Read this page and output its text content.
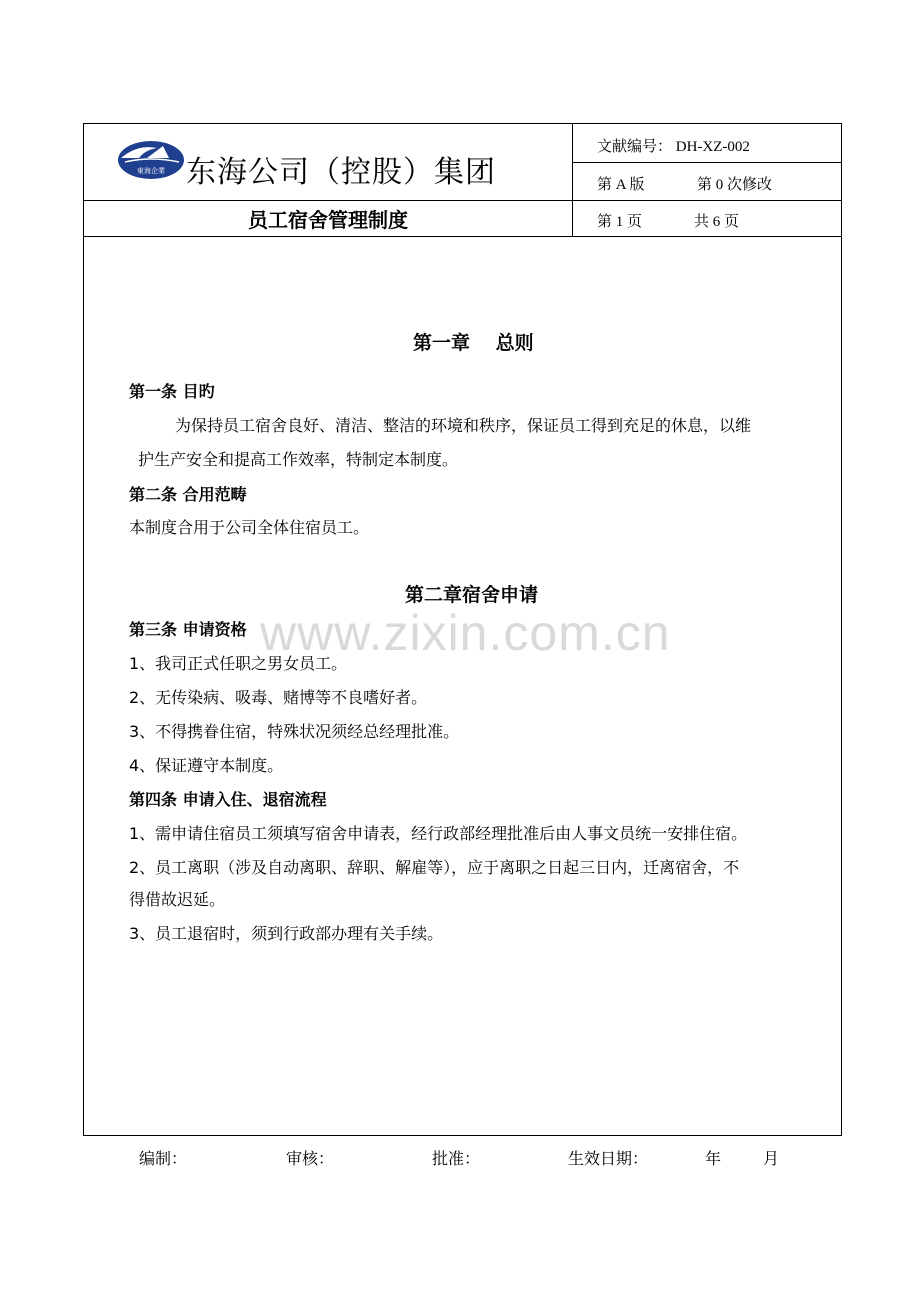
東海企業 东海公司（控股）集团
员工宿舍管理制度
文献编号： DH-XZ-002
第 A 版	第 0 次修改
第 1 页	共 6 页
www.zixin.com.cn
第一章　 总则
第一条 目旳
为保持员工宿舍良好、清洁、整洁的环境和秩序，保证员工得到充足的休息，以维
护生产安全和提高工作效率，特制定本制度。
第二条 合用范畴
本制度合用于公司全体住宿员工。
第二章宿舍申请
第三条 申请资格
1、我司正式任职之男女员工。
2、无传染病、吸毒、赌博等不良嗜好者。
3、不得携眷住宿，特殊状况须经总经理批准。
4、保证遵守本制度。
第四条 申请入住、退宿流程
1、需申请住宿员工须填写宿舍申请表，经行政部经理批准后由人事文员统一安排住宿。
2、员工离职（涉及自动离职、辞职、解雇等），应于离职之日起三日内，迁离宿舍，不
得借故迟延。
3、员工退宿时，须到行政部办理有关手续。
编制：	审核：	批准：	生效日期：	年	月
